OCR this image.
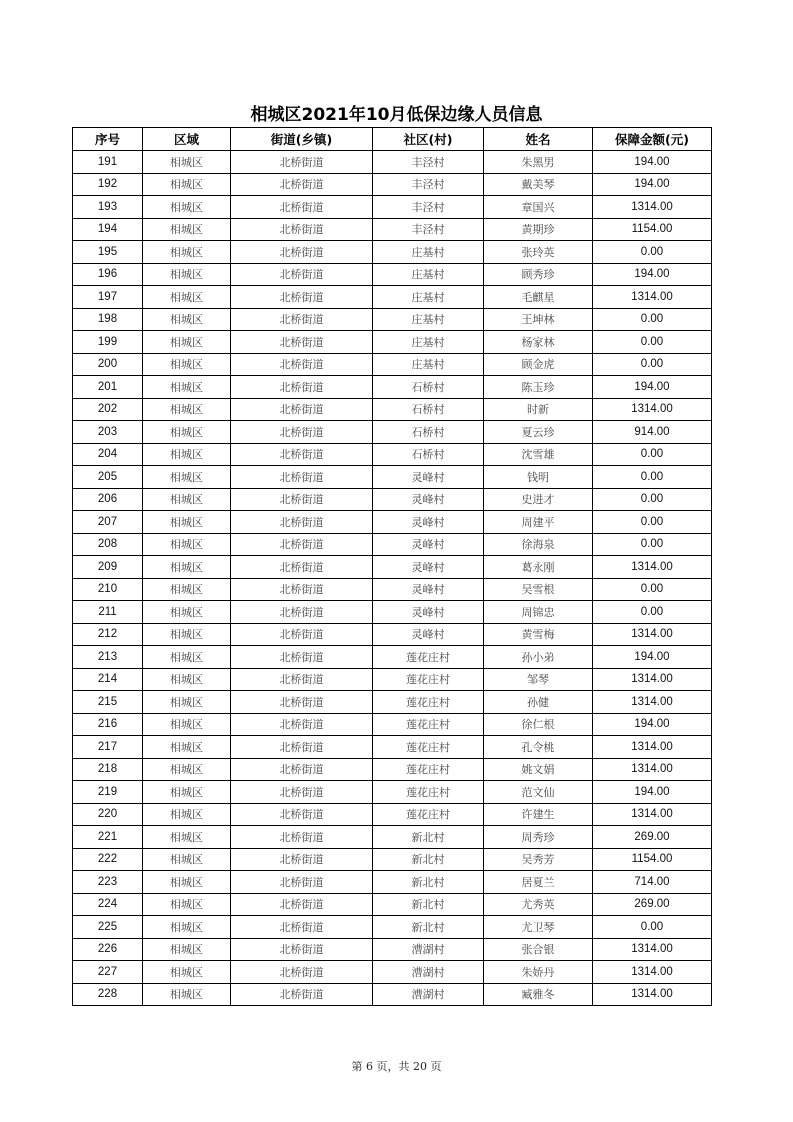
相城区2021年10月低保边缘人员信息
序号	区域	街道(乡镇)	社区(村)	姓名	保障金额(元)
191	相城区	北桥街道	丰泾村	朱黑男	194.00
192	相城区	北桥街道	丰泾村	戴美琴	194.00
193	相城区	北桥街道	丰泾村	章国兴	1314.00
194	相城区	北桥街道	丰泾村	黄期珍	1154.00
195	相城区	北桥街道	庄基村	张玲英	0.00
196	相城区	北桥街道	庄基村	顾秀珍	194.00
197	相城区	北桥街道	庄基村	毛麒星	1314.00
198	相城区	北桥街道	庄基村	王坤林	0.00
199	相城区	北桥街道	庄基村	杨家林	0.00
200	相城区	北桥街道	庄基村	顾金虎	0.00
201	相城区	北桥街道	石桥村	陈玉珍	194.00
202	相城区	北桥街道	石桥村	时新	1314.00
203	相城区	北桥街道	石桥村	夏云珍	914.00
204	相城区	北桥街道	石桥村	沈雪雄	0.00
205	相城区	北桥街道	灵峰村	钱明	0.00
206	相城区	北桥街道	灵峰村	史进才	0.00
207	相城区	北桥街道	灵峰村	周建平	0.00
208	相城区	北桥街道	灵峰村	徐海泉	0.00
209	相城区	北桥街道	灵峰村	葛永刚	1314.00
210	相城区	北桥街道	灵峰村	吴雪根	0.00
211	相城区	北桥街道	灵峰村	周锦忠	0.00
212	相城区	北桥街道	灵峰村	黄雪梅	1314.00
213	相城区	北桥街道	莲花庄村	孙小弟	194.00
214	相城区	北桥街道	莲花庄村	邹琴	1314.00
215	相城区	北桥街道	莲花庄村	孙健	1314.00
216	相城区	北桥街道	莲花庄村	徐仁根	194.00
217	相城区	北桥街道	莲花庄村	孔令桃	1314.00
218	相城区	北桥街道	莲花庄村	姚文娟	1314.00
219	相城区	北桥街道	莲花庄村	范文仙	194.00
220	相城区	北桥街道	莲花庄村	许建生	1314.00
221	相城区	北桥街道	新北村	周秀珍	269.00
222	相城区	北桥街道	新北村	吴秀芳	1154.00
223	相城区	北桥街道	新北村	居夏兰	714.00
224	相城区	北桥街道	新北村	尤秀英	269.00
225	相城区	北桥街道	新北村	尤卫琴	0.00
226	相城区	北桥街道	漕湖村	张合银	1314.00
227	相城区	北桥街道	漕湖村	朱娇丹	1314.00
228	相城区	北桥街道	漕湖村	臧雅冬	1314.00
第 6 页，共 20 页
